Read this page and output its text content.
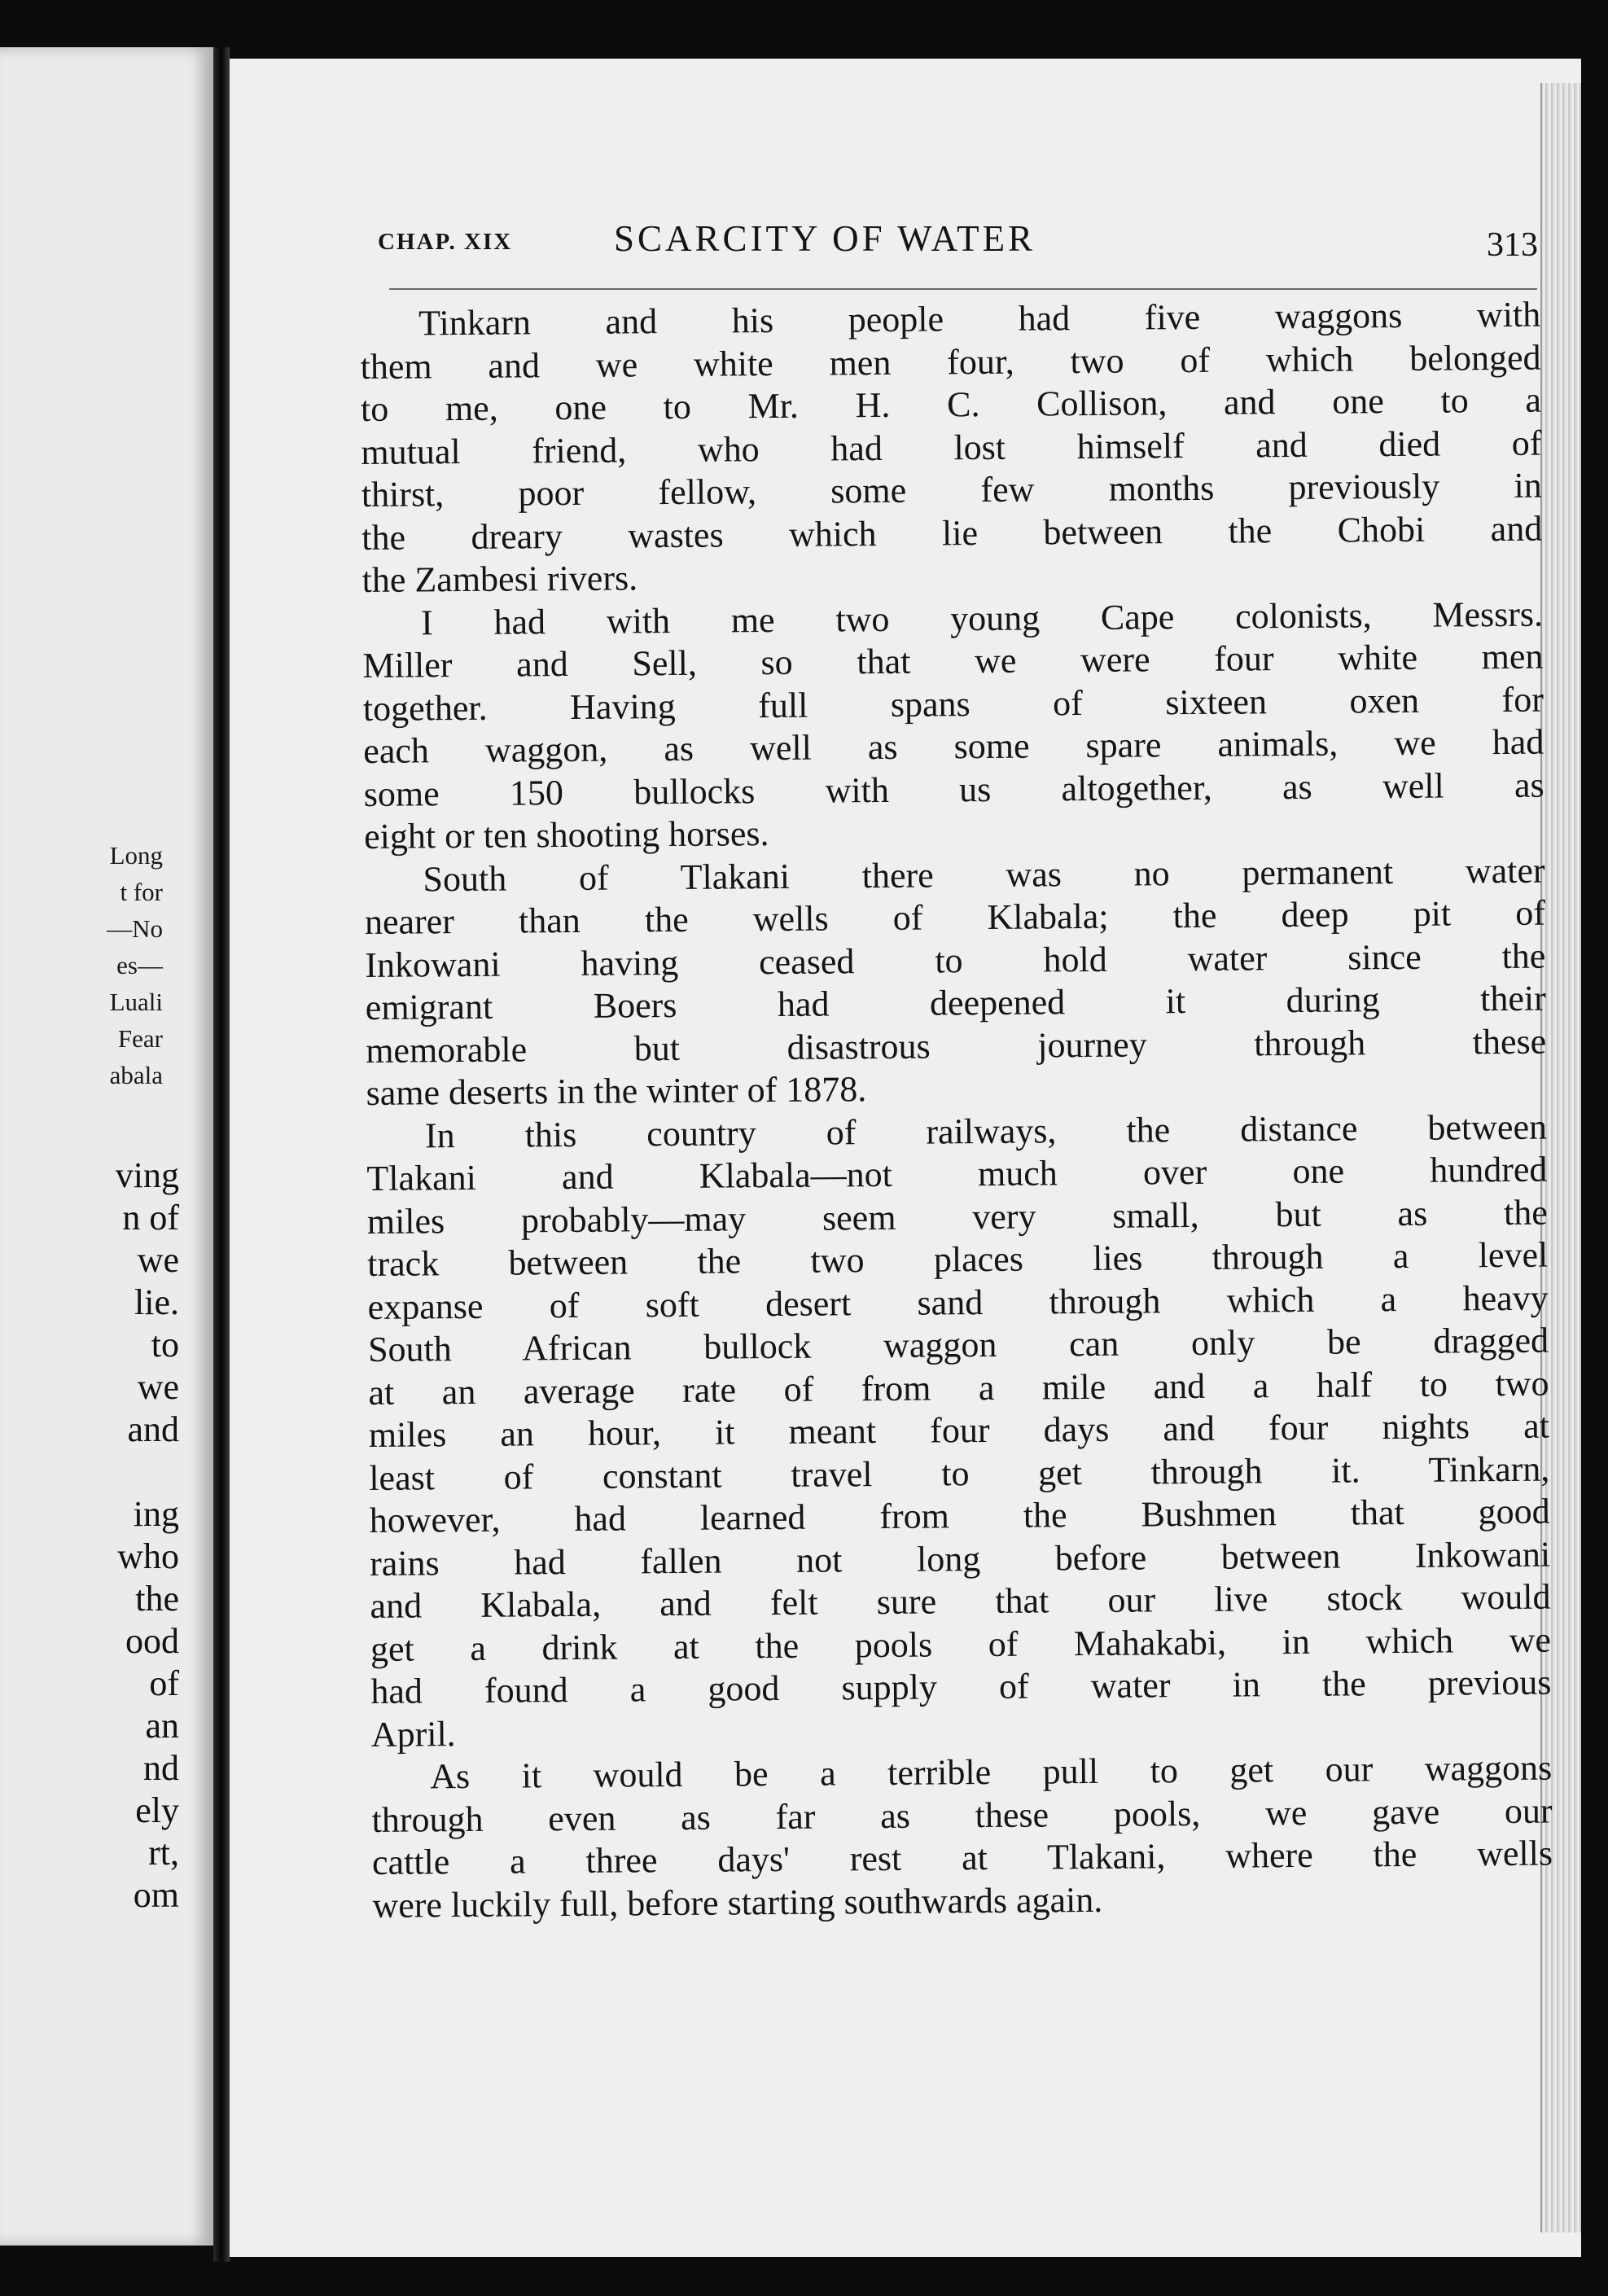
Long
t for
—No
es—
Luali
Fear
abala
ving
n of
we
lie.
to
we
and
ing
who
the
ood
of
an
nd
ely
rt,
om
CHAP. XIX	SCARCITY OF WATER	313
Tinkarn and his people had five waggons with
them and we white men four, two of which belonged
to me, one to Mr. H. C. Collison, and one to a
mutual friend, who had lost himself and died of
thirst, poor fellow, some few months previously in
the dreary wastes which lie between the Chobi and
the Zambesi rivers.
I had with me two young Cape colonists, Messrs.
Miller and Sell, so that we were four white men
together. Having full spans of sixteen oxen for
each waggon, as well as some spare animals, we had
some 150 bullocks with us altogether, as well as
eight or ten shooting horses.
South of Tlakani there was no permanent water
nearer than the wells of Klabala; the deep pit of
Inkowani having ceased to hold water since the
emigrant Boers had deepened it during their
memorable but disastrous journey through these
same deserts in the winter of 1878.
In this country of railways, the distance between
Tlakani and Klabala—not much over one hundred
miles probably—may seem very small, but as the
track between the two places lies through a level
expanse of soft desert sand through which a heavy
South African bullock waggon can only be dragged
at an average rate of from a mile and a half to two
miles an hour, it meant four days and four nights at
least of constant travel to get through it. Tinkarn,
however, had learned from the Bushmen that good
rains had fallen not long before between Inkowani
and Klabala, and felt sure that our live stock would
get a drink at the pools of Mahakabi, in which we
had found a good supply of water in the previous
April.
As it would be a terrible pull to get our waggons
through even as far as these pools, we gave our
cattle a three days' rest at Tlakani, where the wells
were luckily full, before starting southwards again.
